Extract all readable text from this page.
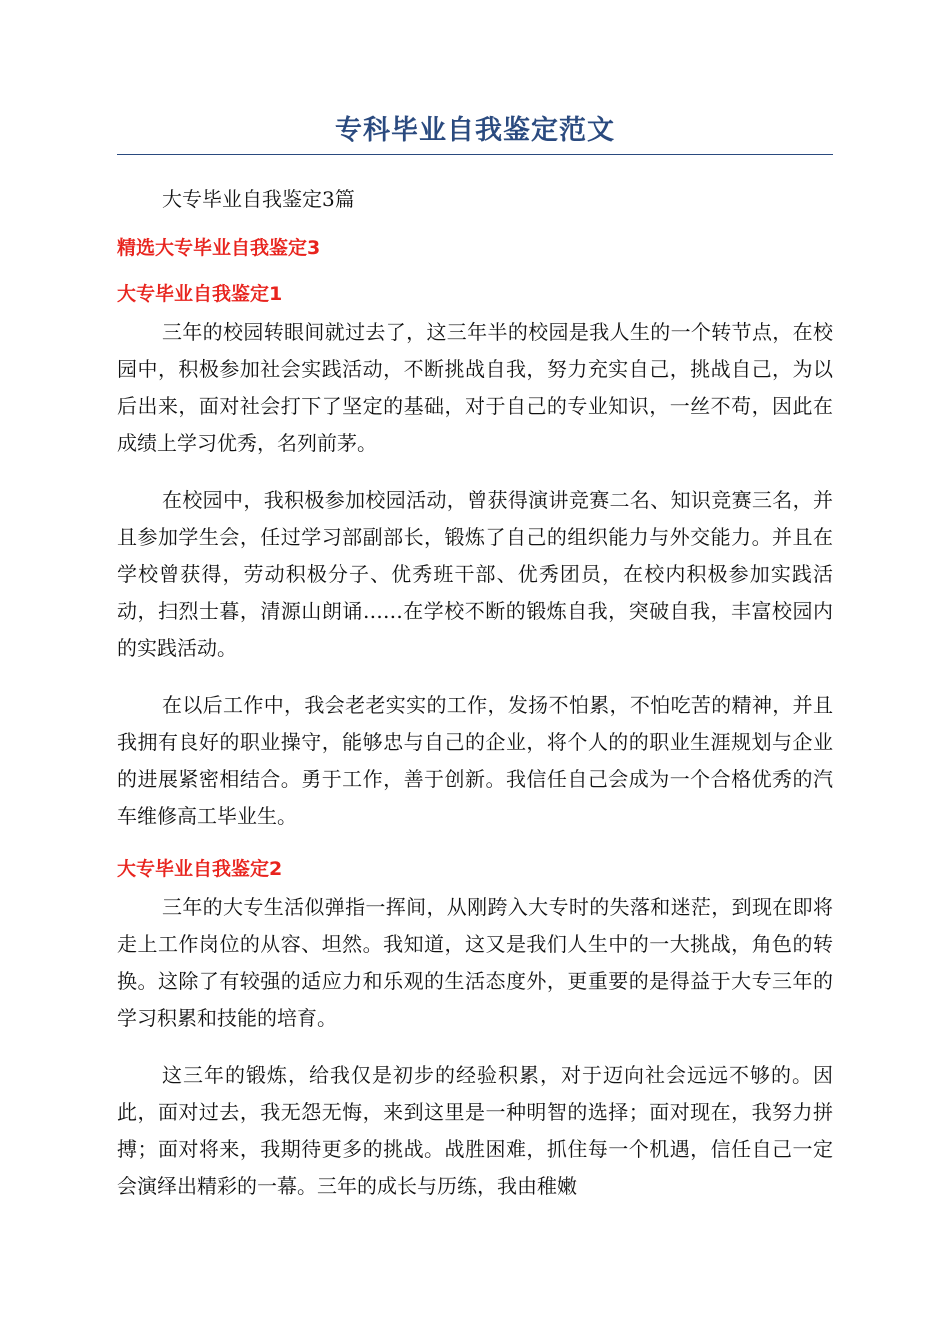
专科毕业自我鉴定范文

大专毕业自我鉴定3篇

精选大专毕业自我鉴定3
大专毕业自我鉴定1

三年的校园转眼间就过去了，这三年半的校园是我人生的一个转节点，在校园中，积极参加社会实践活动，不断挑战自我，努力充实自己，挑战自己，为以后出来，面对社会打下了坚定的基础，对于自己的专业知识，一丝不苟，因此在成绩上学习优秀，名列前茅。

在校园中，我积极参加校园活动，曾获得演讲竞赛二名、知识竞赛三名，并且参加学生会，任过学习部副部长，锻炼了自己的组织能力与外交能力。并且在学校曾获得，劳动积极分子、优秀班干部、优秀团员，在校内积极参加实践活动，扫烈士暮，清源山朗诵……在学校不断的锻炼自我，突破自我，丰富校园内的实践活动。

在以后工作中，我会老老实实的工作，发扬不怕累，不怕吃苦的精神，并且我拥有良好的职业操守，能够忠与自己的企业，将个人的的职业生涯规划与企业的进展紧密相结合。勇于工作，善于创新。我信任自己会成为一个合格优秀的汽车维修高工毕业生。

大专毕业自我鉴定2

三年的大专生活似弹指一挥间，从刚跨入大专时的失落和迷茫，到现在即将走上工作岗位的从容、坦然。我知道，这又是我们人生中的一大挑战，角色的转换。这除了有较强的适应力和乐观的生活态度外，更重要的是得益于大专三年的学习积累和技能的培育。

这三年的锻炼，给我仅是初步的经验积累，对于迈向社会远远不够的。因此，面对过去，我无怨无悔，来到这里是一种明智的选择；面对现在，我努力拼搏；面对将来，我期待更多的挑战。战胜困难，抓住每一个机遇，信任自己一定会演绎出精彩的一幕。三年的成长与历练，我由稚嫩
